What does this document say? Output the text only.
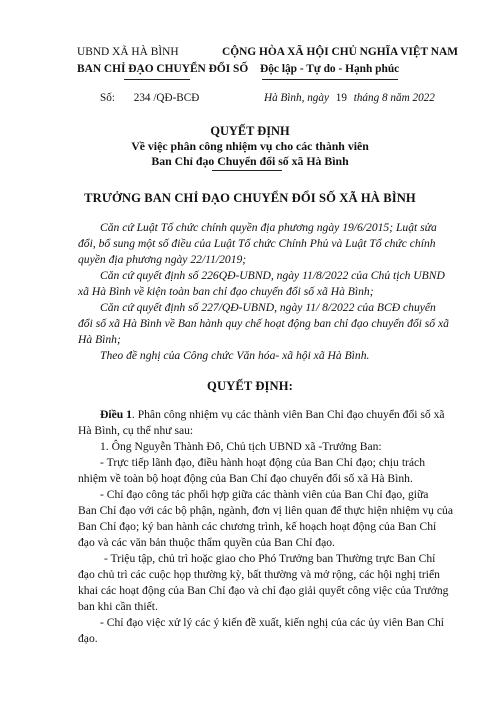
UBND XÃ HÀ BÌNH
BAN CHỈ ĐẠO CHUYỂN ĐỔI SỐ
CỘNG HÒA XÃ HỘI CHỦ NGHĨA VIỆT NAM
Độc lập - Tự do - Hạnh phúc
Số: 234 /QĐ-BCĐ	Hà Bình, ngày 19 tháng 8 năm 2022
QUYẾT ĐỊNH
Về việc phân công nhiệm vụ cho các thành viên
Ban Chỉ đạo Chuyển đổi số xã Hà Bình
TRƯỞNG BAN CHỈ ĐẠO CHUYỂN ĐỔI SỐ XÃ HÀ BÌNH
Căn cứ Luật Tổ chức chính quyền địa phương ngày 19/6/2015; Luật sửa
đổi, bổ sung một số điều của Luật Tổ chức Chính Phủ và Luật Tổ chức chính
quyền địa phương ngày 22/11/2019;
Căn cứ quyết định số 226QĐ-UBND, ngày 11/8/2022 của Chủ tịch UBND
xã Hà Bình về kiện toàn ban chỉ đạo chuyển đổi số xã Hà Bình;
Căn cứ quyết định số 227/QĐ-UBND, ngày 11/ 8/2022 của BCĐ chuyển
đổi số xã Hà Bình về Ban hành quy chế hoạt động ban chỉ đạo chuyển đổi số xã
Hà Bình;
Theo đề nghị của Công chức Văn hóa- xã hội xã Hà Bình.
QUYẾT ĐỊNH:
Điều 1. Phân công nhiệm vụ các thành viên Ban Chỉ đạo chuyển đổi số xã
Hà Bình, cụ thể như sau:
1. Ông Nguyễn Thành Đô, Chủ tịch UBND xã -Trưởng Ban:
- Trực tiếp lãnh đạo, điều hành hoạt động của Ban Chỉ đạo; chịu trách
nhiệm về toàn bộ hoạt động của Ban Chỉ đạo chuyển đổi số xã Hà Bình.
- Chỉ đạo công tác phối hợp giữa các thành viên của Ban Chỉ đạo, giữa
Ban Chỉ đạo với các bộ phận, ngành, đơn vị liên quan để thực hiện nhiệm vụ của
Ban Chỉ đạo; ký ban hành các chương trình, kế hoạch hoạt động của Ban Chỉ
đạo và các văn bản thuộc thẩm quyền của Ban Chỉ đạo.
- Triệu tập, chủ trì hoặc giao cho Phó Trưởng ban Thường trực Ban Chỉ
đạo chủ trì các cuộc họp thường kỳ, bất thường và mở rộng, các hội nghị triển
khai các hoạt động của Ban Chỉ đạo và chỉ đạo giải quyết công việc của Trưởng
ban khi cần thiết.
- Chỉ đạo việc xử lý các ý kiến đề xuất, kiến nghị của các ủy viên Ban Chỉ
đạo.
